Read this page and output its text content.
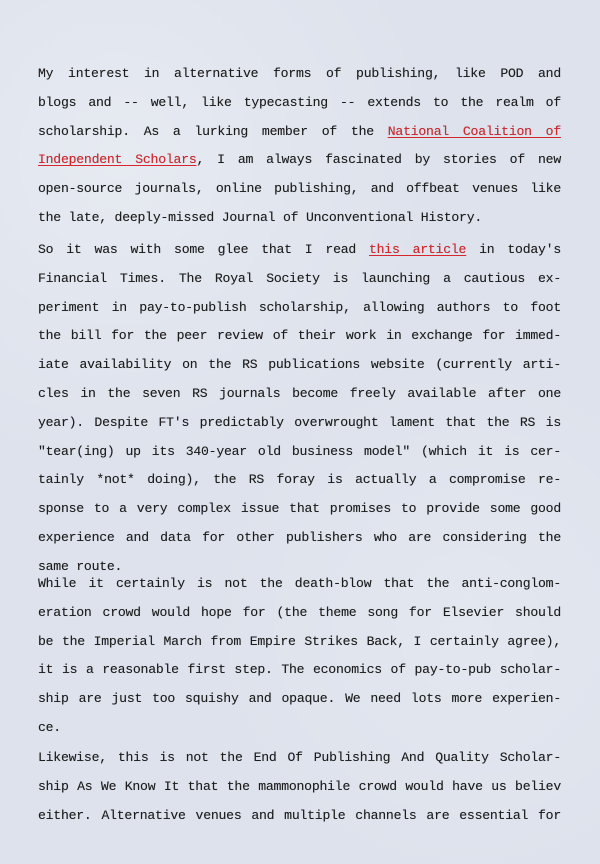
My interest in alternative forms of publishing, like POD and
blogs and -- well, like typecasting -- extends to the realm of
scholarship. As a lurking member of the National Coalition of
Independent Scholars, I am always fascinated by stories of new
open-source journals, online publishing, and offbeat venues like
the late, deeply-missed Journal of Unconventional History.
So it was with some glee that I read this article in today's
Financial Times. The Royal Society is launching a cautious ex-
periment in pay-to-publish scholarship, allowing authors to foot
the bill for the peer review of their work in exchange for immed-
iate availability on the RS publications website (currently arti-
cles in the seven RS journals become freely available after one
year). Despite FT's predictably overwrought lament that the RS is
"tear(ing) up its 340-year old business model" (which it is cer-
tainly *not* doing), the RS foray is actually a compromise re-
sponse to a very complex issue that promises to provide some good
experience and data for other publishers who are considering the
same route.
While it certainly is not the death-blow that the anti-conglom-
eration crowd would hope for (the theme song for Elsevier should
be the Imperial March from Empire Strikes Back, I certainly agree),
it is a reasonable first step. The economics of pay-to-pub scholar-
ship are just too squishy and opaque. We need lots more experien-
ce.
Likewise, this is not the End Of Publishing And Quality Scholar-
ship As We Know It that the mammonophile crowd would have us believ
either. Alternative venues and multiple channels are essential for
